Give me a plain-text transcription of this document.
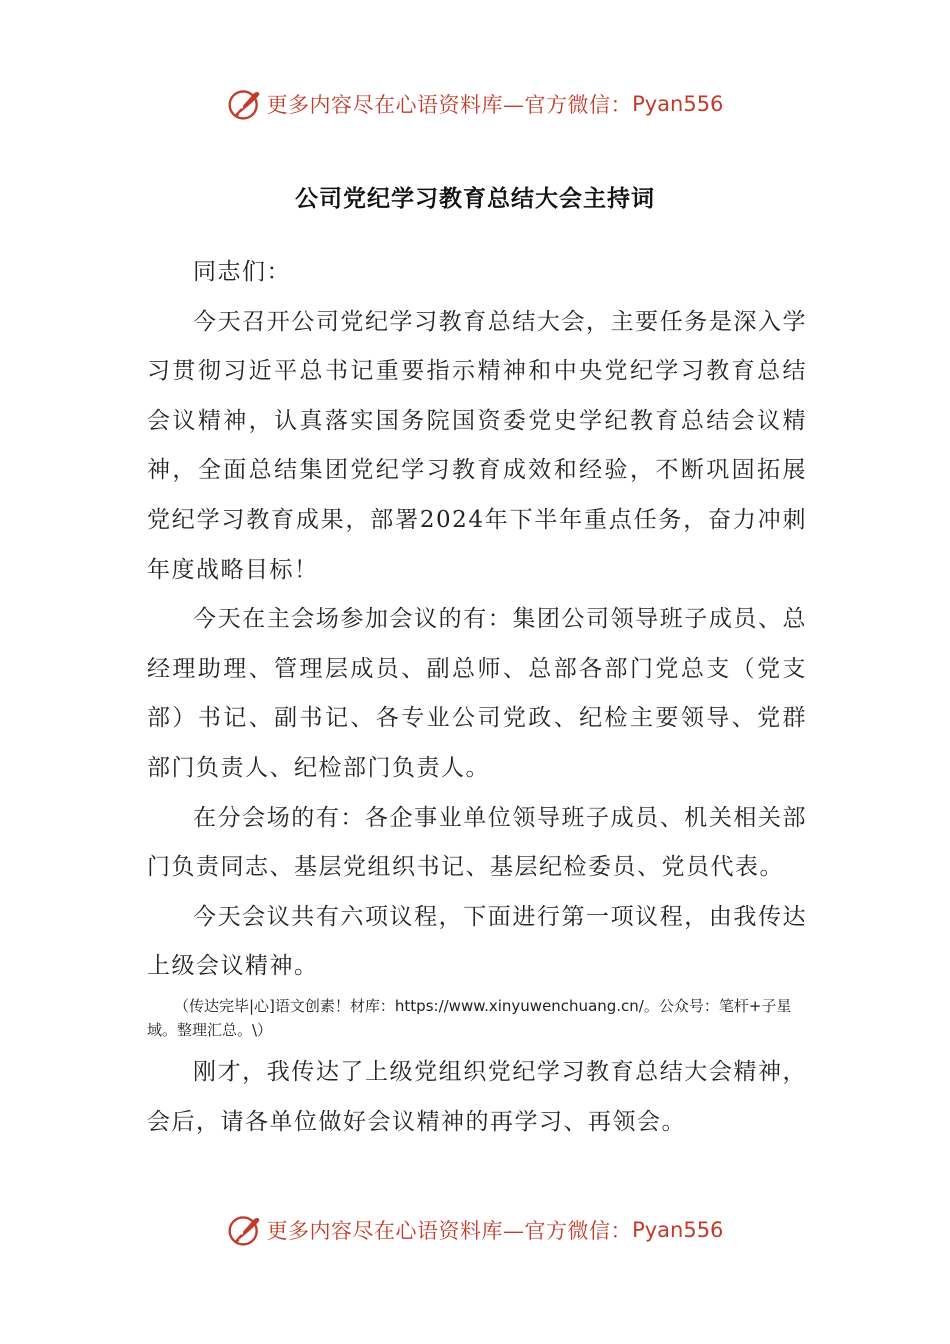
更多内容尽在心语资料库—官方微信： Pyan556
公司党纪学习教育总结大会主持词

同志们：

今天召开公司党纪学习教育总结大会，主要任务是深入学习贯彻习近平总书记重要指示精神和中央党纪学习教育总结会议精神，认真落实国务院国资委党史学纪教育总结会议精神，全面总结集团党纪学习教育成效和经验，不断巩固拓展党纪学习教育成果，部署2024年下半年重点任务，奋力冲刺年度战略目标！

今天在主会场参加会议的有：集团公司领导班子成员、总经理助理、管理层成员、副总师、总部各部门党总支（党支部）书记、副书记、各专业公司党政、纪检主要领导、党群部门负责人、纪检部门负责人。

在分会场的有：各企事业单位领导班子成员、机关相关部门负责同志、基层党组织书记、基层纪检委员、党员代表。

今天会议共有六项议程，下面进行第一项议程，由我传达上级会议精神。

（传达完毕|心]语文创素！材库：https://www.xinyuwenchuang.cn/。公众号：笔杆+子星域。整理汇总。\）

刚才，我传达了上级党组织党纪学习教育总结大会精神，会后，请各单位做好会议精神的再学习、再领会。

更多内容尽在心语资料库—官方微信： Pyan556
